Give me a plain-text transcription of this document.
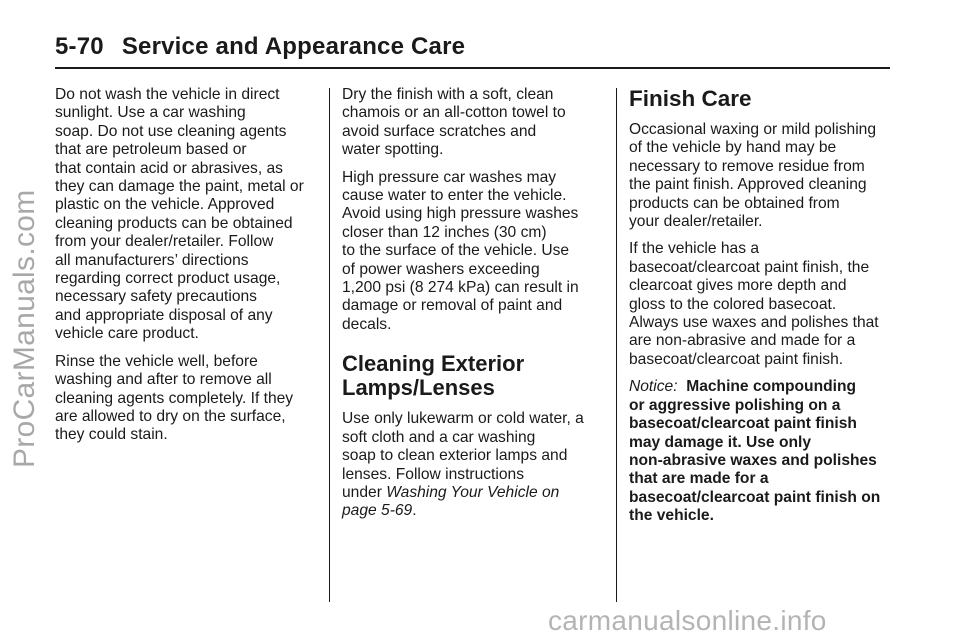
5-70 Service and Appearance Care

Do not wash the vehicle in direct
sunlight. Use a car washing
soap. Do not use cleaning agents
that are petroleum based or
that contain acid or abrasives, as
they can damage the paint, metal or
plastic on the vehicle. Approved
cleaning products can be obtained
from your dealer/retailer. Follow
all manufacturers’ directions
regarding correct product usage,
necessary safety precautions
and appropriate disposal of any
vehicle care product.

Rinse the vehicle well, before
washing and after to remove all
cleaning agents completely. If they
are allowed to dry on the surface,
they could stain.

Dry the finish with a soft, clean
chamois or an all-cotton towel to
avoid surface scratches and
water spotting.

High pressure car washes may
cause water to enter the vehicle.
Avoid using high pressure washes
closer than 12 inches (30 cm)
to the surface of the vehicle. Use
of power washers exceeding
1,200 psi (8 274 kPa) can result in
damage or removal of paint and
decals.

Cleaning Exterior
Lamps/Lenses

Use only lukewarm or cold water, a
soft cloth and a car washing
soap to clean exterior lamps and
lenses. Follow instructions
under Washing Your Vehicle on
page 5-69.

Finish Care

Occasional waxing or mild polishing
of the vehicle by hand may be
necessary to remove residue from
the paint finish. Approved cleaning
products can be obtained from
your dealer/retailer.

If the vehicle has a
basecoat/clearcoat paint finish, the
clearcoat gives more depth and
gloss to the colored basecoat.
Always use waxes and polishes that
are non-abrasive and made for a
basecoat/clearcoat paint finish.

Notice: Machine compounding
or aggressive polishing on a
basecoat/clearcoat paint finish
may damage it. Use only
non-abrasive waxes and polishes
that are made for a
basecoat/clearcoat paint finish on
the vehicle.

ProCarManuals.com
carmanualsonline.info
